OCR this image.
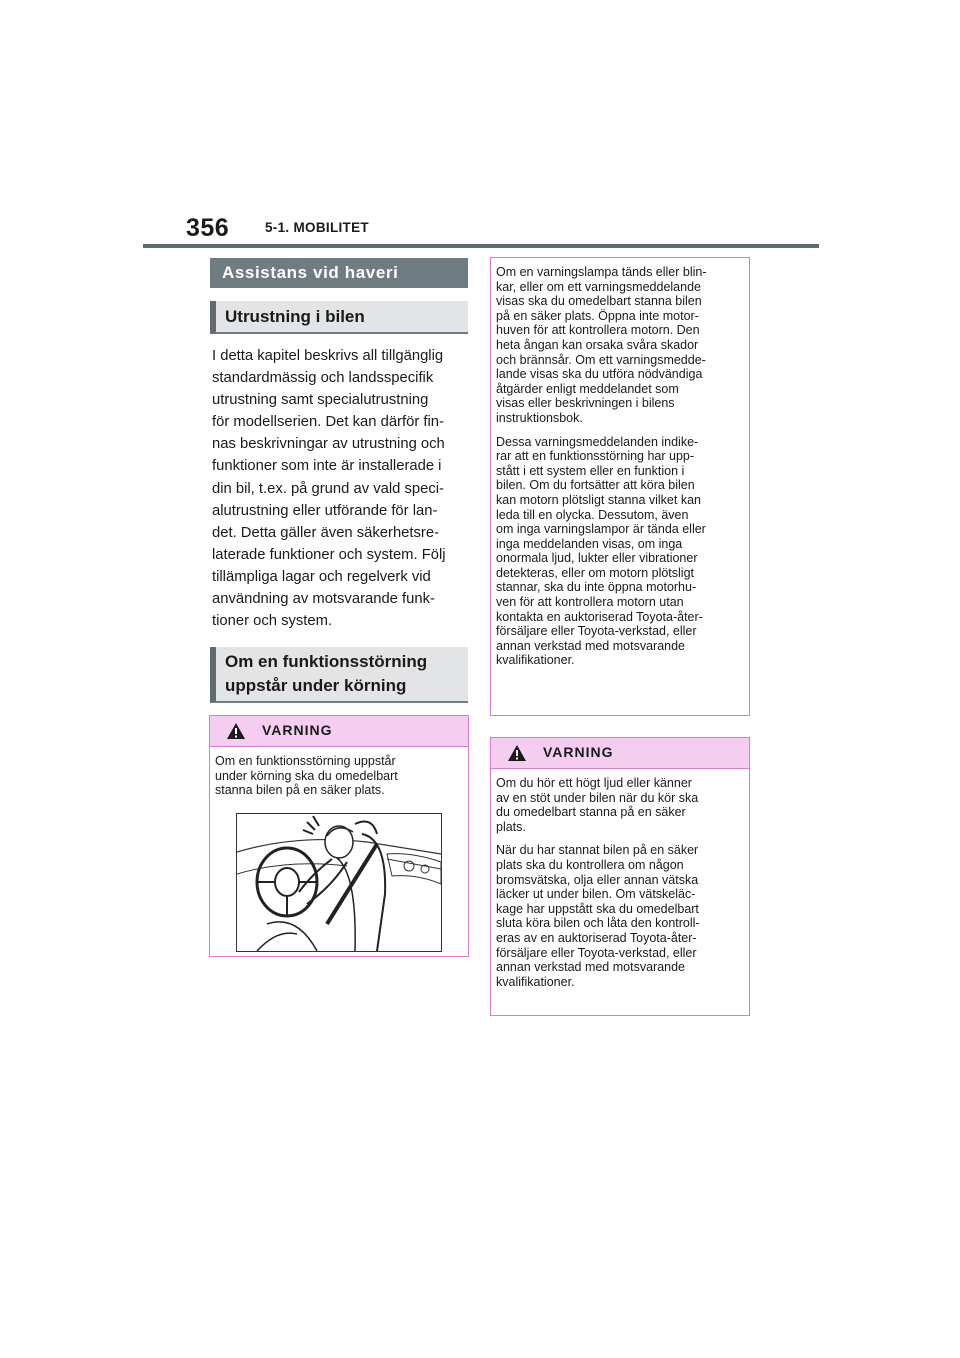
356	5-1. MOBILITET
Assistans vid haveri
Utrustning i bilen
I detta kapitel beskrivs all tillgänglig
standardmässig och landsspecifik
utrustning samt specialutrustning
för modellserien. Det kan därför fin-
nas beskrivningar av utrustning och
funktioner som inte är installerade i
din bil, t.ex. på grund av vald speci-
alutrustning eller utförande för lan-
det. Detta gäller även säkerhetsre-
laterade funktioner och system. Följ
tillämpliga lagar och regelverk vid
användning av motsvarande funk-
tioner och system.
Om en funktionsstörning
uppstår under körning
VARNING
Om en funktionsstörning uppstår
under körning ska du omedelbart
stanna bilen på en säker plats.
Om en varningslampa tänds eller blin-
kar, eller om ett varningsmeddelande
visas ska du omedelbart stanna bilen
på en säker plats. Öppna inte motor-
huven för att kontrollera motorn. Den
heta ångan kan orsaka svåra skador
och brännsår. Om ett varningsmedde-
lande visas ska du utföra nödvändiga
åtgärder enligt meddelandet som
visas eller beskrivningen i bilens
instruktionsbok.
Dessa varningsmeddelanden indike-
rar att en funktionsstörning har upp-
stått i ett system eller en funktion i
bilen. Om du fortsätter att köra bilen
kan motorn plötsligt stanna vilket kan
leda till en olycka. Dessutom, även
om inga varningslampor är tända eller
inga meddelanden visas, om inga
onormala ljud, lukter eller vibrationer
detekteras, eller om motorn plötsligt
stannar, ska du inte öppna motorhu-
ven för att kontrollera motorn utan
kontakta en auktoriserad Toyota-åter-
försäljare eller Toyota-verkstad, eller
annan verkstad med motsvarande
kvalifikationer.
VARNING
Om du hör ett högt ljud eller känner
av en stöt under bilen när du kör ska
du omedelbart stanna på en säker
plats.
När du har stannat bilen på en säker
plats ska du kontrollera om någon
bromsvätska, olja eller annan vätska
läcker ut under bilen. Om vätskeläc-
kage har uppstått ska du omedelbart
sluta köra bilen och låta den kontroll-
eras av en auktoriserad Toyota-åter-
försäljare eller Toyota-verkstad, eller
annan verkstad med motsvarande
kvalifikationer.
